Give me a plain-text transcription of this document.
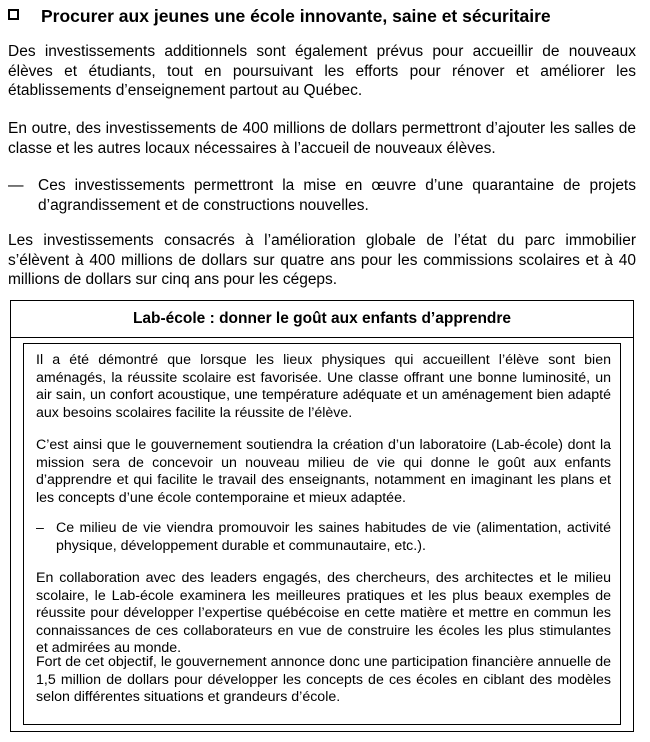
Procurer aux jeunes une école innovante, saine et sécuritaire
Des investissements additionnels sont également prévus pour accueillir de nouveaux élèves et étudiants, tout en poursuivant les efforts pour rénover et améliorer les établissements d’enseignement partout au Québec.
En outre, des investissements de 400 millions de dollars permettront d’ajouter les salles de classe et les autres locaux nécessaires à l’accueil de nouveaux élèves.
— Ces investissements permettront la mise en œuvre d’une quarantaine de projets d’agrandissement et de constructions nouvelles.
Les investissements consacrés à l’amélioration globale de l’état du parc immobilier s’élèvent à 400 millions de dollars sur quatre ans pour les commissions scolaires et à 40 millions de dollars sur cinq ans pour les cégeps.
Lab-école : donner le goût aux enfants d’apprendre
Il a été démontré que lorsque les lieux physiques qui accueillent l’élève sont bien aménagés, la réussite scolaire est favorisée. Une classe offrant une bonne luminosité, un air sain, un confort acoustique, une température adéquate et un aménagement bien adapté aux besoins scolaires facilite la réussite de l’élève.
C’est ainsi que le gouvernement soutiendra la création d’un laboratoire (Lab-école) dont la mission sera de concevoir un nouveau milieu de vie qui donne le goût aux enfants d’apprendre et qui facilite le travail des enseignants, notamment en imaginant les plans et les concepts d’une école contemporaine et mieux adaptée.
– Ce milieu de vie viendra promouvoir les saines habitudes de vie (alimentation, activité physique, développement durable et communautaire, etc.).
En collaboration avec des leaders engagés, des chercheurs, des architectes et le milieu scolaire, le Lab-école examinera les meilleures pratiques et les plus beaux exemples de réussite pour développer l’expertise québécoise en cette matière et mettre en commun les connaissances de ces collaborateurs en vue de construire les écoles les plus stimulantes et admirées au monde.
Fort de cet objectif, le gouvernement annonce donc une participation financière annuelle de 1,5 million de dollars pour développer les concepts de ces écoles en ciblant des modèles selon différentes situations et grandeurs d’école.
